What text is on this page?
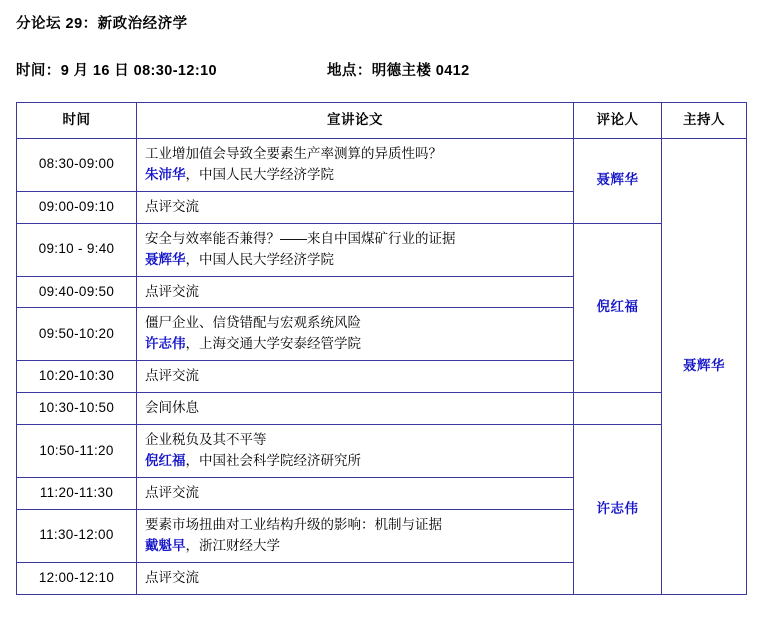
分论坛 29：新政治经济学
时间：9 月 16 日 08:30-12:10	地点：明德主楼 0412
时间	宣讲论文	评论人	主持人
08:30-09:00	工业增加值会导致全要素生产率测算的异质性吗？
朱沛华，中国人民大学经济学院	聂辉华	聂辉华
09:00-09:10	点评交流		

09:10 - 9:40	安全与效率能否兼得？——来自中国煤矿行业的证据
聂辉华，中国人民大学经济学院	倪红福	
09:40-09:50	点评交流		

09:50-10:20	僵尸企业、信贷错配与宏观系统风险
许志伟，上海交通大学安泰经管学院		

10:20-10:30	点评交流		

10:30-10:50	会间休息		

10:50-11:20	企业税负及其不平等
倪红福，中国社会科学院经济研究所	许志伟	
11:20-11:30	点评交流		

11:30-12:00	要素市场扭曲对工业结构升级的影响：机制与证据
戴魁早，浙江财经大学		

12:00-12:10	点评交流		
